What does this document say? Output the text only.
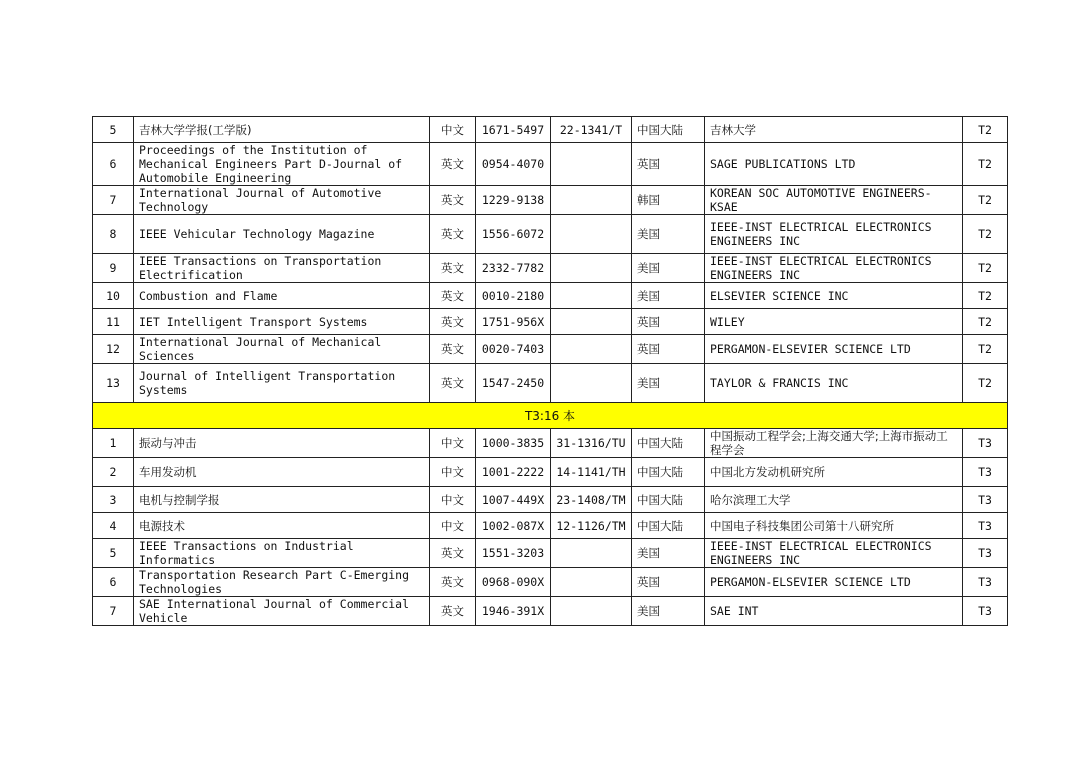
5	吉林大学学报(工学版)	中文	1671-5497	22-1341/T	中国大陆	吉林大学	T2
6	Proceedings of the Institution of Mechanical Engineers Part D-Journal of Automobile Engineering	英文	0954-4070		英国	SAGE PUBLICATIONS LTD	T2
7	International Journal of Automotive Technology	英文	1229-9138		韩国	KOREAN SOC AUTOMOTIVE ENGINEERS-KSAE	T2
8	IEEE Vehicular Technology Magazine	英文	1556-6072		美国	IEEE-INST ELECTRICAL ELECTRONICS ENGINEERS INC	T2
9	IEEE Transactions on Transportation Electrification	英文	2332-7782		美国	IEEE-INST ELECTRICAL ELECTRONICS ENGINEERS INC	T2
10	Combustion and Flame	英文	0010-2180		美国	ELSEVIER SCIENCE INC	T2
11	IET Intelligent Transport Systems	英文	1751-956X		英国	WILEY	T2
12	International Journal of Mechanical Sciences	英文	0020-7403		英国	PERGAMON-ELSEVIER SCIENCE LTD	T2
13	Journal of Intelligent Transportation Systems	英文	1547-2450		美国	TAYLOR & FRANCIS INC	T2
T3:16 本							
1	振动与冲击	中文	1000-3835	31-1316/TU	中国大陆	中国振动工程学会;上海交通大学;上海市振动工程学会	T3
2	车用发动机	中文	1001-2222	14-1141/TH	中国大陆	中国北方发动机研究所	T3
3	电机与控制学报	中文	1007-449X	23-1408/TM	中国大陆	哈尔滨理工大学	T3
4	电源技术	中文	1002-087X	12-1126/TM	中国大陆	中国电子科技集团公司第十八研究所	T3
5	IEEE Transactions on Industrial Informatics	英文	1551-3203		美国	IEEE-INST ELECTRICAL ELECTRONICS ENGINEERS INC	T3
6	Transportation Research Part C-Emerging Technologies	英文	0968-090X		英国	PERGAMON-ELSEVIER SCIENCE LTD	T3
7	SAE International Journal of Commercial Vehicle	英文	1946-391X		美国	SAE INT	T3
